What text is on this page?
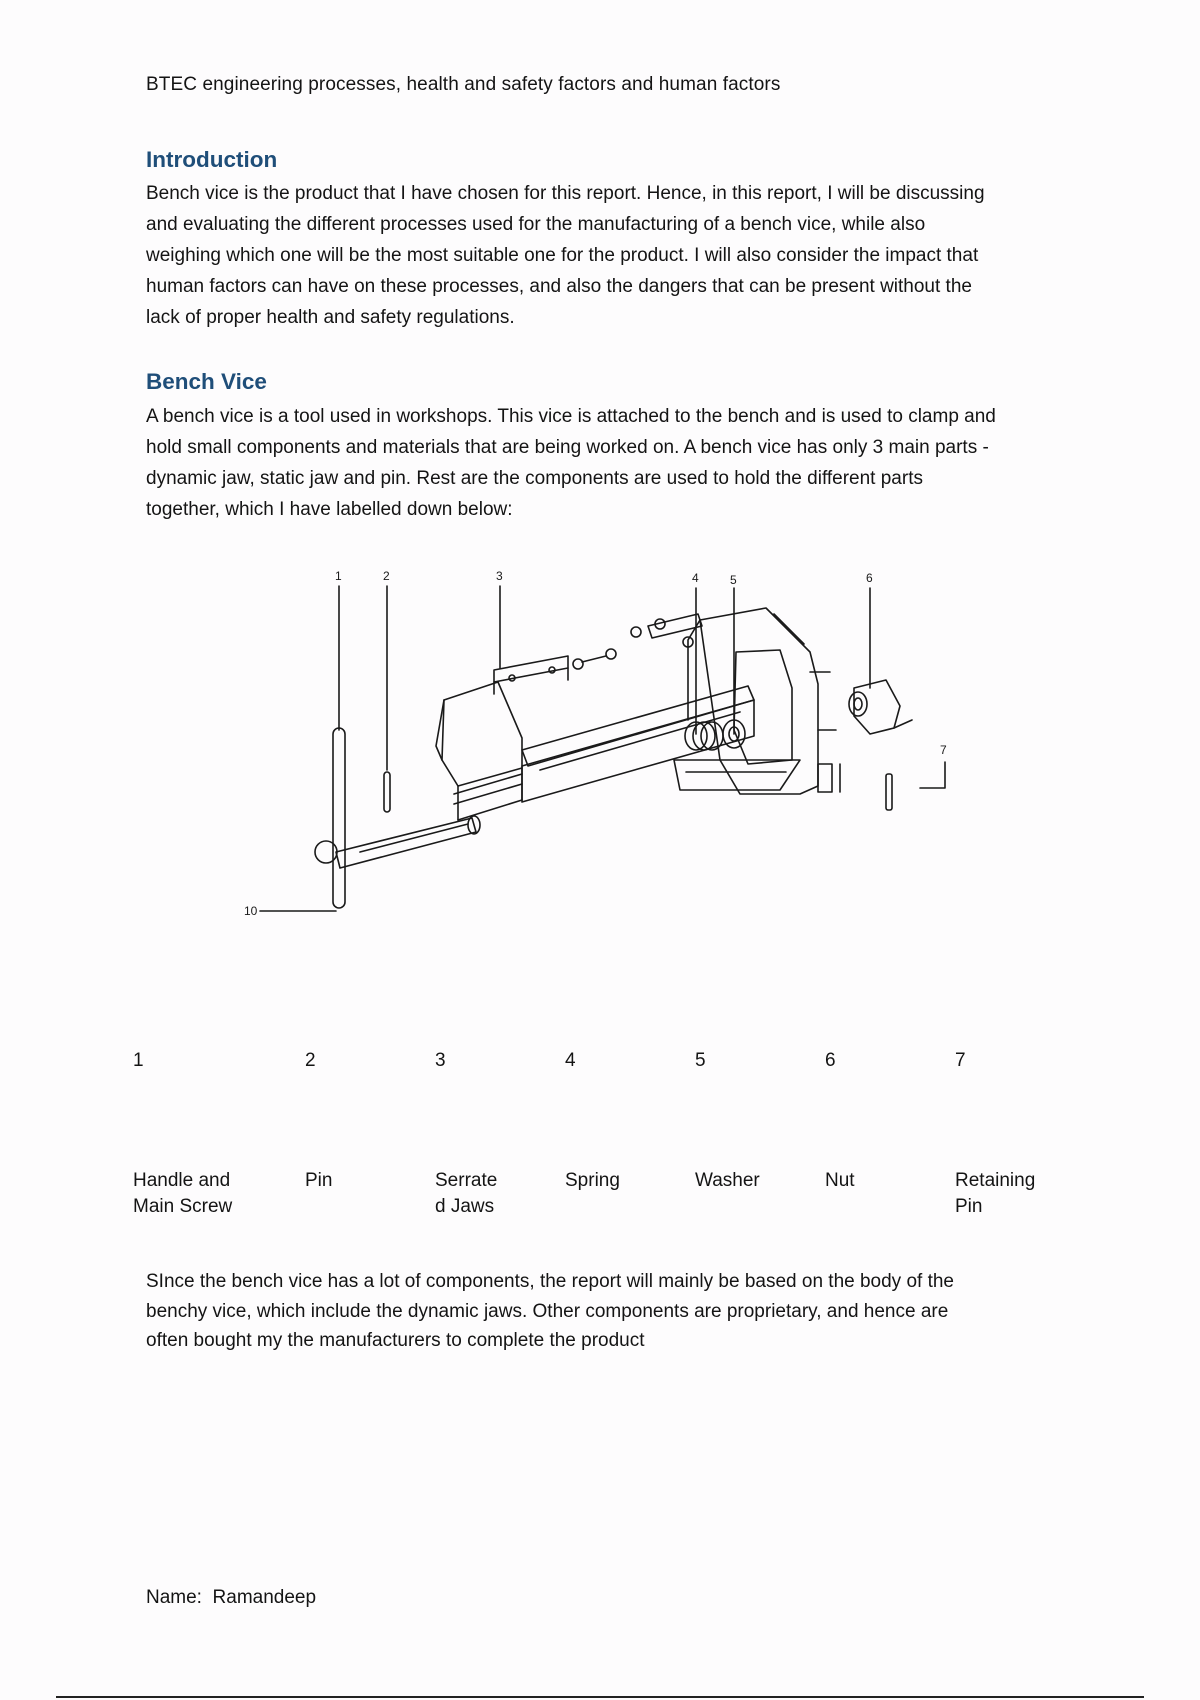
BTEC engineering processes, health and safety factors and human factors
Introduction

Bench vice is the product that I have chosen for this report. Hence, in this report, I will be discussing
and evaluating the different processes used for the manufacturing of a bench vice, while also
weighing which one will be the most suitable one for the product. I will also consider the impact that
human factors can have on these processes, and also the dangers that can be present without the
lack of proper health and safety regulations.

Bench Vice

A bench vice is a tool used in workshops. This vice is attached to the bench and is used to clamp and
hold small components and materials that are being worked on. A bench vice has only 3 main parts -
dynamic jaw, static jaw and pin. Rest are the components are used to hold the different parts
together, which I have labelled down below:

1	2	3	4	5	6
7
10
1
Handle and
Main Screw
2
Pin
3
Serrate
d Jaws
4
Spring
5
Washer
6
Nut
7
Retaining
Pin

SInce the bench vice has a lot of components, the report will mainly be based on the body of the
benchy vice, which include the dynamic jaws. Other components are proprietary, and hence are
often bought my the manufacturers to complete the product

Name: Ramandeep
